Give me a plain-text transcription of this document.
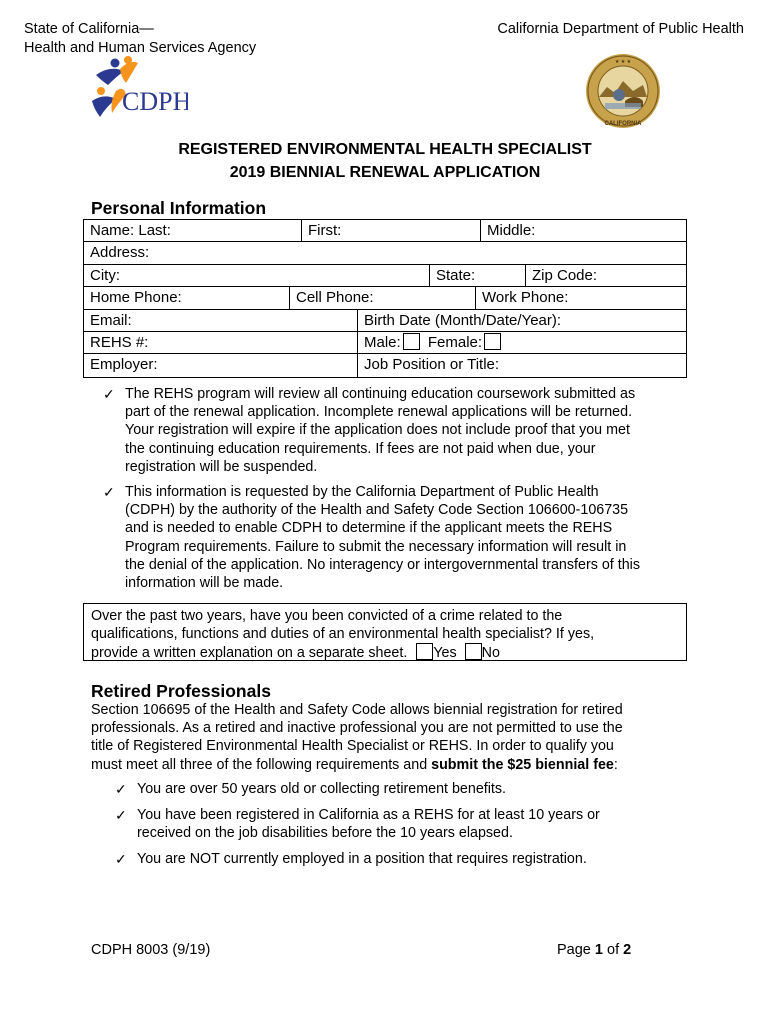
State of California—
Health and Human Services Agency
California Department of Public Health
CDPH
★ ★ ★
CALIFORNIA
REGISTERED ENVIRONMENTAL HEALTH SPECIALIST
2019 BIENNIAL RENEWAL APPLICATION
Personal Information
Name: Last:	First:	Middle:
Address:
City:	State:	Zip Code:
Home Phone:	Cell Phone:	Work Phone:
Email:	Birth Date (Month/Date/Year):
REHS #:	Male: Female:
Employer:	Job Position or Title:
✓ The REHS program will review all continuing education coursework submitted as
part of the renewal application. Incomplete renewal applications will be returned.
Your registration will expire if the application does not include proof that you met
the continuing education requirements. If fees are not paid when due, your
registration will be suspended.
✓ This information is requested by the California Department of Public Health
(CDPH) by the authority of the Health and Safety Code Section 106600-106735
and is needed to enable CDPH to determine if the applicant meets the REHS
Program requirements. Failure to submit the necessary information will result in
the denial of the application. No interagency or intergovernmental transfers of this
information will be made.
Over the past two years, have you been convicted of a crime related to the
qualifications, functions and duties of an environmental health specialist? If yes,
provide a written explanation on a separate sheet. Yes No
Retired Professionals
Section 106695 of the Health and Safety Code allows biennial registration for retired
professionals. As a retired and inactive professional you are not permitted to use the
title of Registered Environmental Health Specialist or REHS. In order to qualify you
must meet all three of the following requirements and submit the $25 biennial fee:
✓ You are over 50 years old or collecting retirement benefits.
✓ You have been registered in California as a REHS for at least 10 years or
received on the job disabilities before the 10 years elapsed.
✓ You are NOT currently employed in a position that requires registration.
CDPH 8003 (9/19)	Page 1 of 2
